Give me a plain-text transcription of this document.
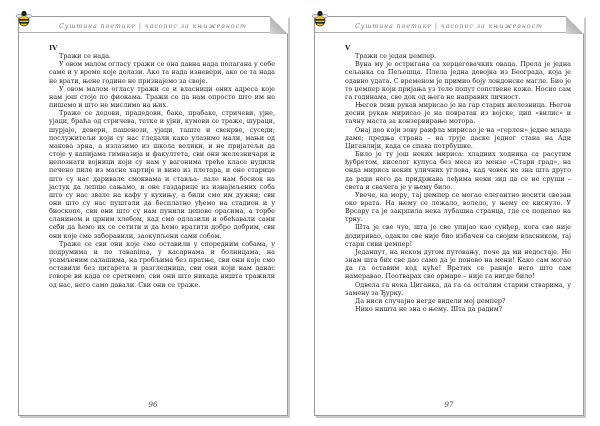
Суштина поетике | часопис за књижевност

IV

Тражи се нада.

У овом малом огласу тражи се она давна нада полагана у себе саме и у време које долази. Ако та нада изневери, ако се та нада не врати, њене године не признајемо за своје.

У овом малом огласу тражи се и власници оних адреса које нам још стоје по фиокама. Тражи се да нам опросте што им не пишемо и што не мислимо на њих.

Траже се дедови, прадедови, баке, прабаке, стричеви, ујне, ујаци, браћа од стричева, тетке и ујни, кумови се траже, шураци, шурјаје, девери, пашенози, ујаци, тaште и свекрве, суседи; послужитељи који су нас гледали како улазимо мали, мањи од макова зрна, а излазимо из школа велики, и не пријатељи да стоје у капијама гимназија и факултета, сви они железничари и непознати војници који су нам у вагонима треће класе нудили печено пиле из масне хартије и вино из плетара, и оне старице што су нас даривале смоквама и ставља- лале нам босиок на јастук да лепше сањамо, и оне газдарице из изнајмљених соба што су нас звале на кафу у кухињу, а били смо им дужни; сви они што су нас пуштали да бесплатно уђемо на стадион и у биоскопе, сви они што су нам пунили цепове орасима, а торбе сланином и црним хлебом, кад смо одлазили и обећавали сами себи да ћемо их се сетити и да ћемо вратити добро добрим, сви они које смо заборавили, заокупљени сами собом.

Траже се сви они које смо оставили у споредним собама, у подрумима и по тавanima, у касарнама и болницама, на усамљеним салашима, на гробљима без пратње, сви они које смо оставили без цигарета и разгледница, сви они који нам данас говоре ви када се сретнемо, сви они што никада ништа тражили од нас, него само давали. Сви они се траже.

96
Суштина поетике | часопис за књижевност

V

Тражи се један џемпер.

Вуна му је остригана са херцеговачких оваца. Прела је једна сељанка са Пељешца. Плела једна девојка из Београда, која је одавно удата. С временом је примио боју лондонске магле. Био је то џемпер који пријања уз тело попут сопствене коже. Носио сам га годинама, све док од њега не направих личност.

Његов леви рукав мирисао је на гар старих железница. Његов десни рукав мирисао је на повратак из војске, цип «вилис» и тачну мастa за конзервирање мотора.

Онај део који зову раифла мирисао је на «герлен» једне младе даме; предња страна – на трује даске једног стана на Ади Циганлији, када се спава потрбушке.

Било је ту још неких мириса: хладних ходника са расутим ђубретом, киселог купуса без меса из мензе «Стари град», на онда мириса неких уличних углова, кад човек не зна шта друго да ради него да придржава леђима неки зид да се не сруши – света и свачега је у њему било.

Увече, на мору, тај џемпер се могао елегантно носити свезан око врата. На њему се лежало, волело, у њему се киснуло. У Врсару га је закрпила нека лубашна странца, где се поцепао на трну.

Шта је све чуо, шта је све упијао као сунђер, кога све није додиривао, одакле све није био избачен са својим власником, тај стари сиви џемпер!

Једанпут, на неком дугом путовању, поче да ми недостаје. Не знам шта бих све дао само да је поново на мени! Како сам могао да га оставим код куће! Вратих се раније него што сам намеравао. Поотварах све ормаре – није га нигде било!

Одвела га нека Циганка, да га са осталим старим стварима, у замену за Ђурку.

Да ниси случајно негде видели мој џемпер?

Нико ништа не зна о њему. Шта да радим?

97
